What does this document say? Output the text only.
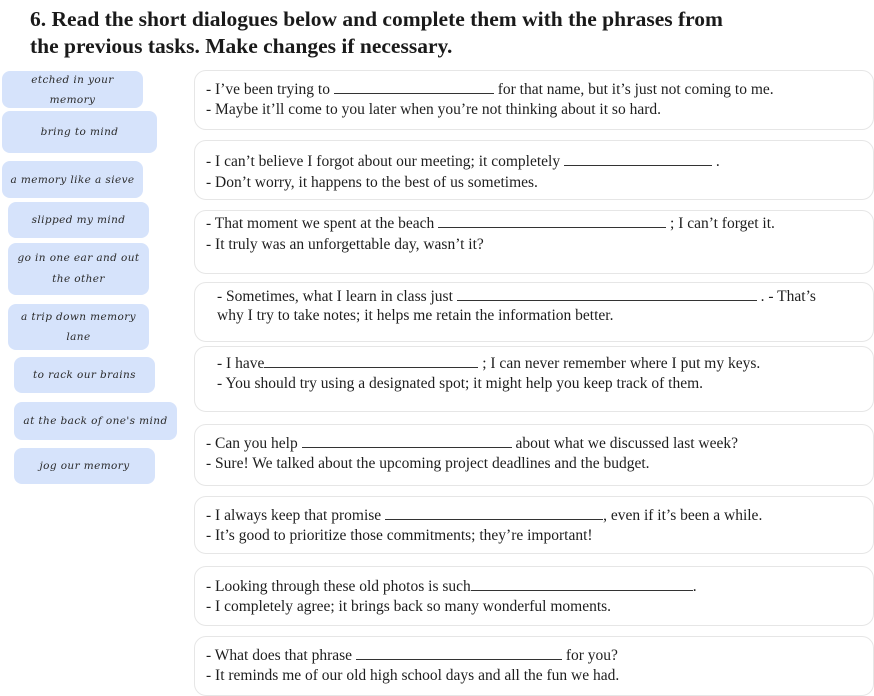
6. Read the short dialogues below and complete them with the phrases from
the previous tasks. Make changes if necessary.
etched in your memory
bring to mind
a memory like a sieve
slipped my mind
go in one ear and out the other
a trip down memory lane
to rack our brains
at the back of one's mind
jog our memory
- I’ve been trying to	for that name, but it’s just not coming to me.
- Maybe it’ll come to you later when you’re not thinking about it so hard.
- I can’t believe I forgot about our meeting; it completely	.
- Don’t worry, it happens to the best of us sometimes.
- That moment we spent at the beach	; I can’t forget it.
- It truly was an unforgettable day, wasn’t it?
- Sometimes, what I learn in class just	. - That’s
why I try to take notes; it helps me retain the information better.
- I have	; I can never remember where I put my keys.
- You should try using a designated spot; it might help you keep track of them.
- Can you help	about what we discussed last week?
- Sure! We talked about the upcoming project deadlines and the budget.
- I always keep that promise	, even if it’s been a while.
- It’s good to prioritize those commitments; they’re important!
- Looking through these old photos is such	.
- I completely agree; it brings back so many wonderful moments.
- What does that phrase	for you?
- It reminds me of our old high school days and all the fun we had.
